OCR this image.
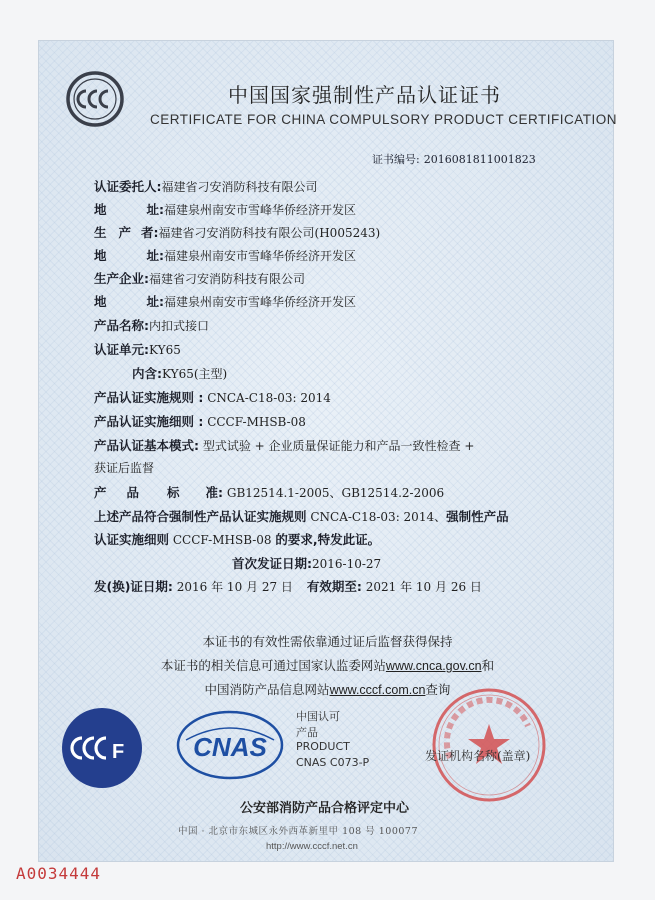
中国国家强制性产品认证证书
CERTIFICATE FOR CHINA COMPULSORY PRODUCT CERTIFICATION
证书编号: 2016081811001823
认证委托人:福建省刁安消防科技有限公司
地	址:福建泉州南安市雪峰华侨经济开发区
生 产 者:福建省刁安消防科技有限公司(H005243)
地	址:福建泉州南安市雪峰华侨经济开发区
生产企业:福建省刁安消防科技有限公司
地	址:福建泉州南安市雪峰华侨经济开发区
产品名称:内扣式接口
认证单元:KY65
内含:KY65(主型)
产品认证实施规则 : CNCA-C18-03: 2014
产品认证实施细则 : CCCF-MHSB-08
产品认证基本模式: 型式试验 + 企业质量保证能力和产品一致性检查 +
获证后监督
产 品 标 准: GB12514.1-2005、GB12514.2-2006
上述产品符合强制性产品认证实施规则 CNCA-C18-03: 2014、强制性产品
认证实施细则 CCCF-MHSB-08 的要求,特发此证。
首次发证日期:2016-10-27
发(换)证日期: 2016 年 10 月 27 日 有效期至: 2021 年 10 月 26 日
本证书的有效性需依靠通过证后监督获得保持
本证书的相关信息可通过国家认监委网站www.cnca.gov.cn和
中国消防产品信息网站www.cccf.com.cn查询
F	CNAS
中国认可
产品
PRODUCT
CNAS C073-P	发证机构名称(盖章)
公安部消防产品合格评定中心
中国 · 北京市东城区永外西革新里甲 108 号 100077
http://www.cccf.net.cn
A0034444
